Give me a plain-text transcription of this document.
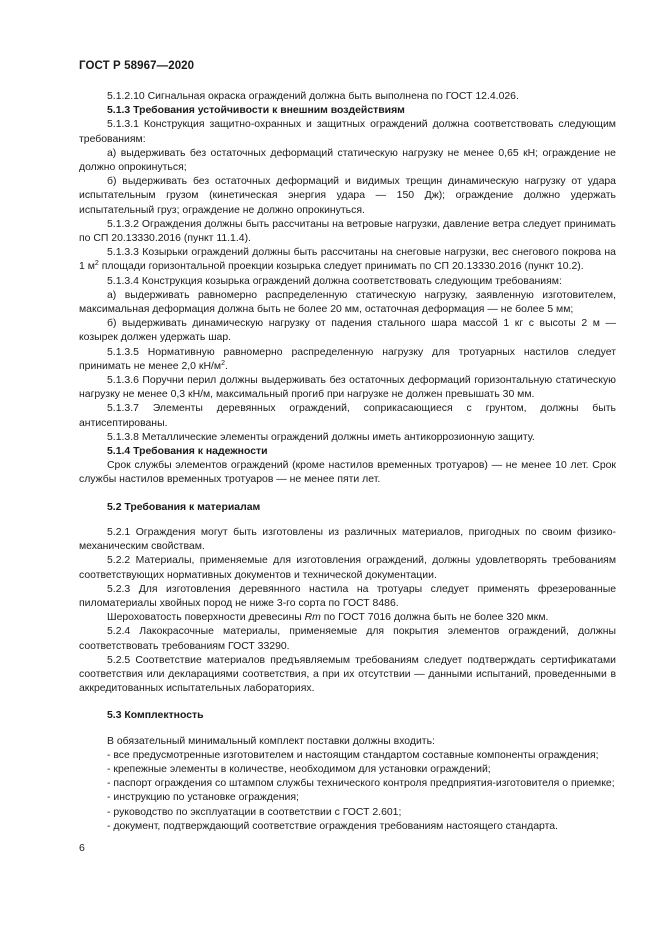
ГОСТ Р 58967—2020

5.1.2.10 Сигнальная окраска ограждений должна быть выполнена по ГОСТ 12.4.026.

5.1.3 Требования устойчивости к внешним воздействиям

5.1.3.1 Конструкция защитно-охранных и защитных ограждений должна соответствовать следующим требованиям:

а) выдерживать без остаточных деформаций статическую нагрузку не менее 0,65 кН; ограждение не должно опрокинуться;

б) выдерживать без остаточных деформаций и видимых трещин динамическую нагрузку от удара испытательным грузом (кинетическая энергия удара — 150 Дж); ограждение должно удержать испытательный груз; ограждение не должно опрокинуться.

5.1.3.2 Ограждения должны быть рассчитаны на ветровые нагрузки, давление ветра следует принимать по СП 20.13330.2016 (пункт 11.1.4).

5.1.3.3 Козырьки ограждений должны быть рассчитаны на снеговые нагрузки, вес снегового покрова на 1 $м^2$ площади горизонтальной проекции козырька следует принимать по СП 20.13330.2016 (пункт 10.2).

5.1.3.4 Конструкция козырька ограждений должна соответствовать следующим требованиям:

а) выдерживать равномерно распределенную статическую нагрузку, заявленную изготовителем, максимальная деформация должна быть не более 20 мм, остаточная деформация — не более 5 мм;

б) выдерживать динамическую нагрузку от падения стального шара массой 1 кг с высоты 2 м — козырек должен удержать шар.

5.1.3.5 Нормативную равномерно распределенную нагрузку для тротуарных настилов следует принимать не менее 2,0 $кН/м^2$.

5.1.3.6 Поручни перил должны выдерживать без остаточных деформаций горизонтальную статическую нагрузку не менее 0,3 кН/м, максимальный прогиб при нагрузке не должен превышать 30 мм.

5.1.3.7 Элементы деревянных ограждений, соприкасающиеся с грунтом, должны быть антисептированы.

5.1.3.8 Металлические элементы ограждений должны иметь антикоррозионную защиту.

5.1.4 Требования к надежности

Срок службы элементов ограждений (кроме настилов временных тротуаров) — не менее 10 лет. Срок службы настилов временных тротуаров — не менее пяти лет.

5.2 Требования к материалам

5.2.1 Ограждения могут быть изготовлены из различных материалов, пригодных по своим физико-механическим свойствам.

5.2.2 Материалы, применяемые для изготовления ограждений, должны удовлетворять требованиям соответствующих нормативных документов и технической документации.

5.2.3 Для изготовления деревянного настила на тротуары следует применять фрезерованные пиломатериалы хвойных пород не ниже 3-го сорта по ГОСТ 8486.

Шероховатость поверхности древесины Rm по ГОСТ 7016 должна быть не более 320 мкм.

5.2.4 Лакокрасочные материалы, применяемые для покрытия элементов ограждений, должны соответствовать требованиям ГОСТ 33290.

5.2.5 Соответствие материалов предъявляемым требованиям следует подтверждать сертификатами соответствия или декларациями соответствия, а при их отсутствии — данными испытаний, проведенными в аккредитованных испытательных лабораториях.

5.3 Комплектность

В обязательный минимальный комплект поставки должны входить:

- все предусмотренные изготовителем и настоящим стандартом составные компоненты ограждения;

- крепежные элементы в количестве, необходимом для установки ограждений;

- паспорт ограждения со штампом службы технического контроля предприятия-изготовителя о приемке;

- инструкцию по установке ограждения;

- руководство по эксплуатации в соответствии с ГОСТ 2.601;

- документ, подтверждающий соответствие ограждения требованиям настоящего стандарта.

6
